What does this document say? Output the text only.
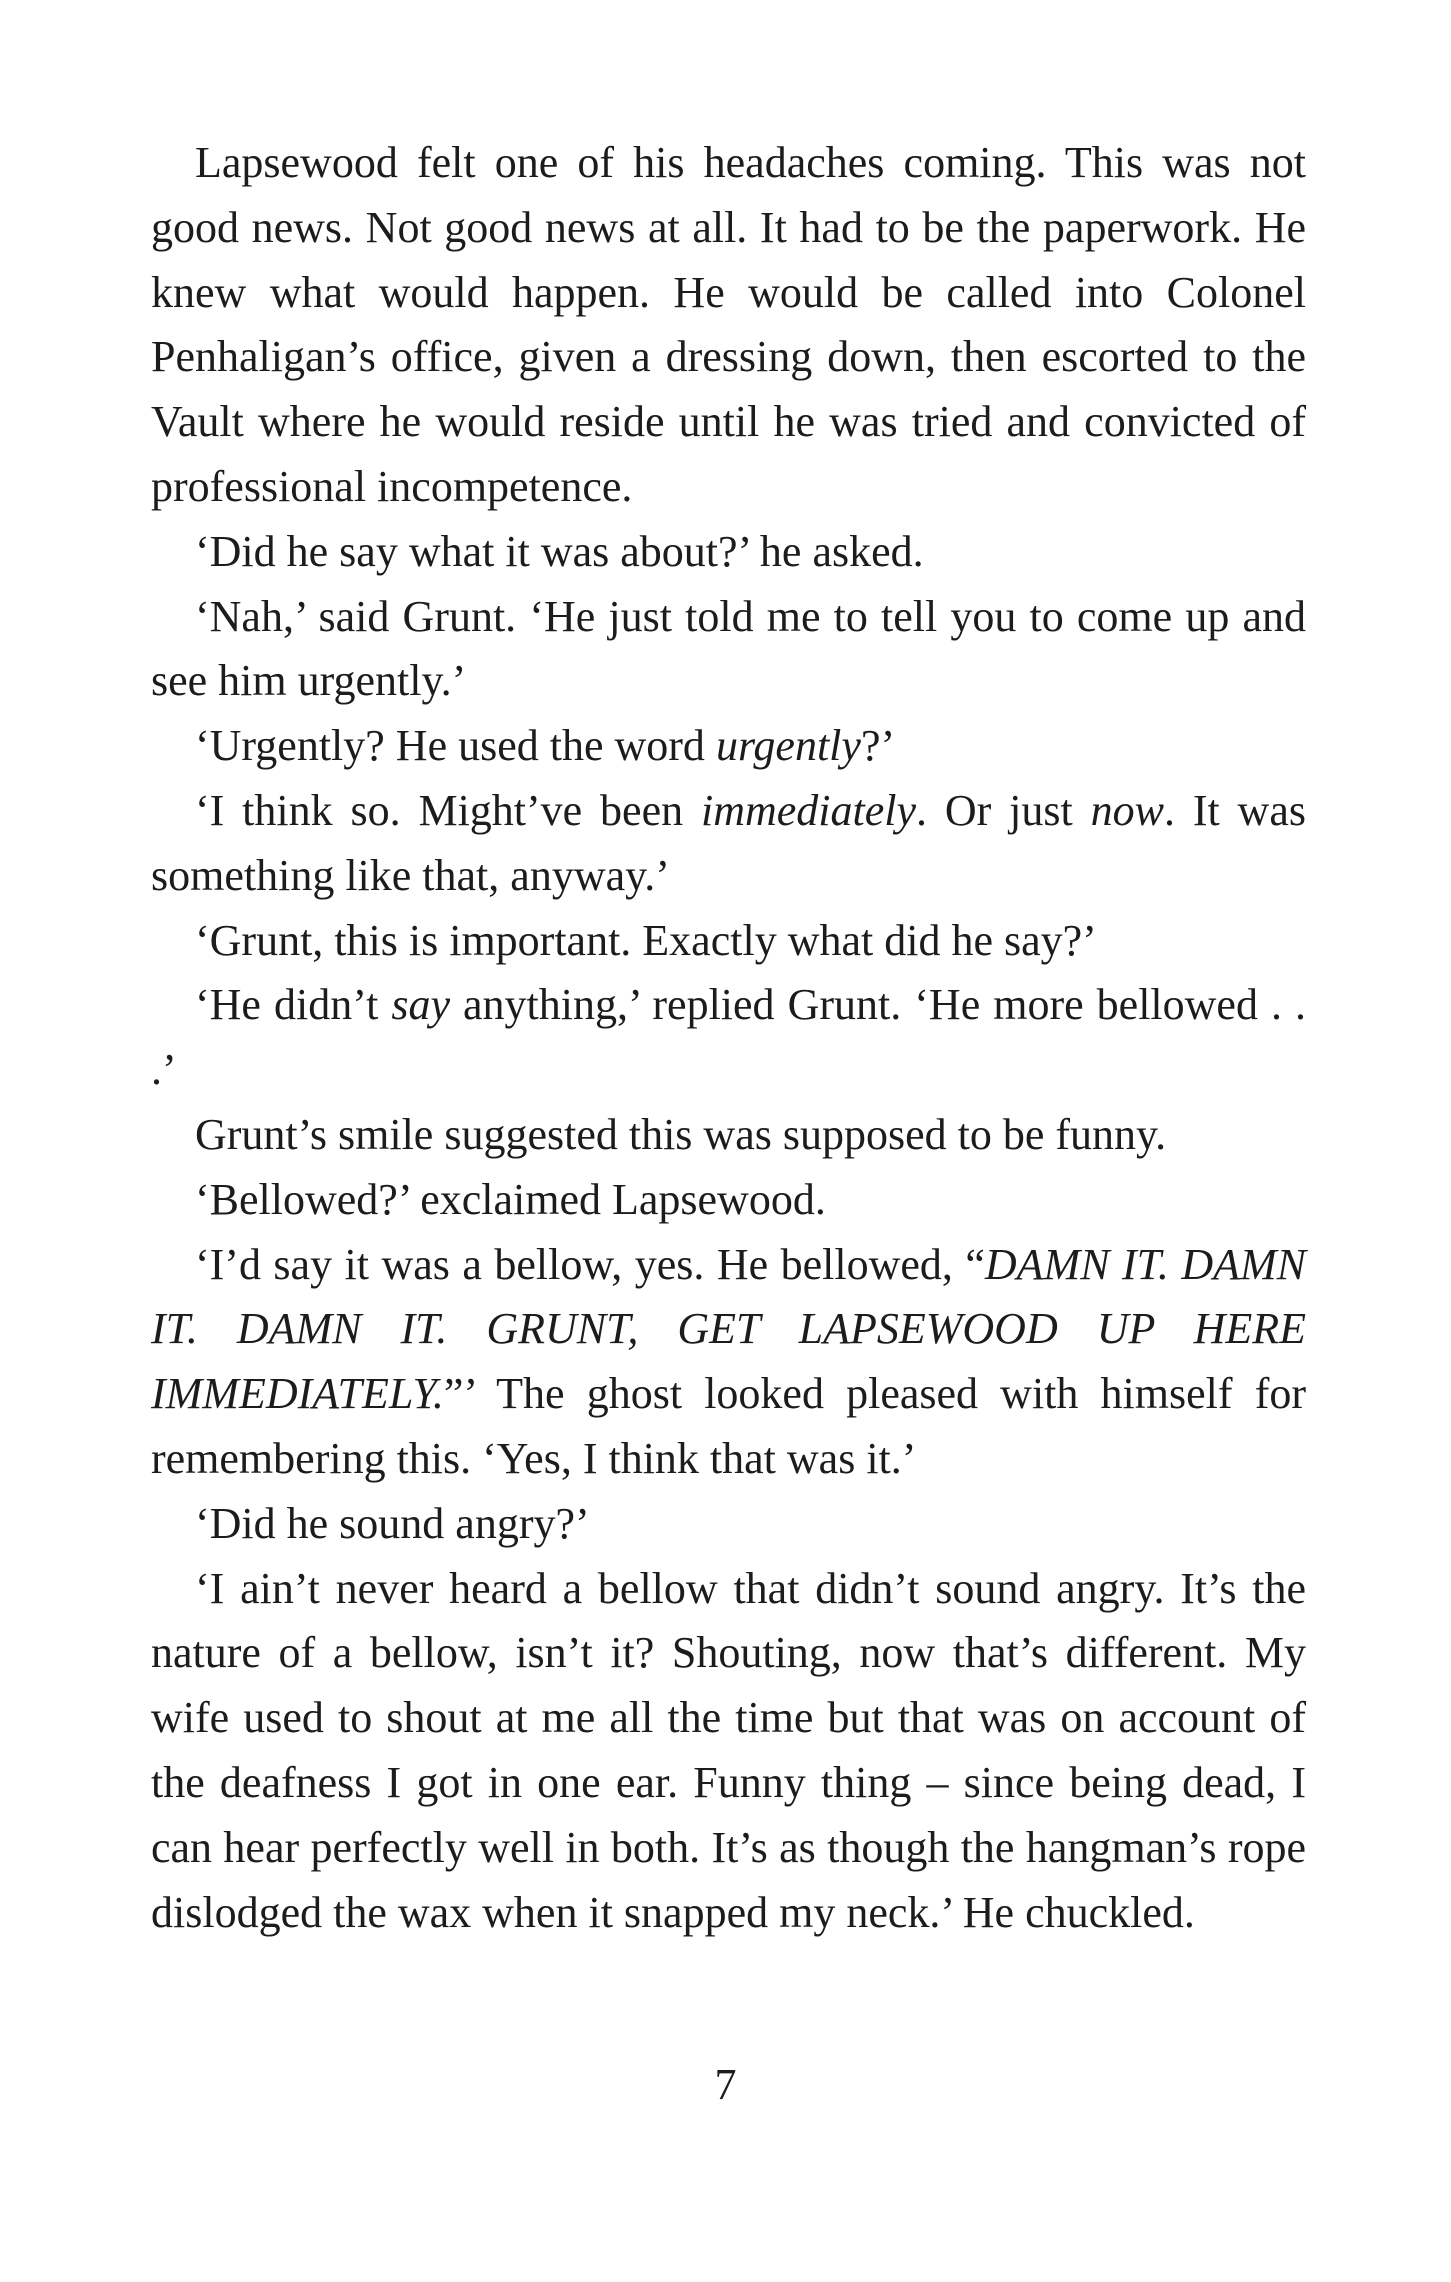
Lapsewood felt one of his headaches coming. This was not good news. Not good news at all. It had to be the paperwork. He knew what would happen. He would be called into Colonel Penhaligan’s office, given a dressing down, then escorted to the Vault where he would reside until he was tried and convicted of professional incompetence.

‘Did he say what it was about?’ he asked.

‘Nah,’ said Grunt. ‘He just told me to tell you to come up and see him urgently.’

‘Urgently? He used the word urgently?’

‘I think so. Might’ve been immediately. Or just now. It was something like that, anyway.’

‘Grunt, this is important. Exactly what did he say?’

‘He didn’t say anything,’ replied Grunt. ‘He more bellowed . . .’

Grunt’s smile suggested this was supposed to be funny.

‘Bellowed?’ exclaimed Lapsewood.

‘I’d say it was a bellow, yes. He bellowed, “DAMN IT. DAMN IT. DAMN IT. GRUNT, GET LAPSEWOOD UP HERE IMMEDIATELY.”’ The ghost looked pleased with himself for remembering this. ‘Yes, I think that was it.’

‘Did he sound angry?’

‘I ain’t never heard a bellow that didn’t sound angry. It’s the nature of a bellow, isn’t it? Shouting, now that’s different. My wife used to shout at me all the time but that was on account of the deafness I got in one ear. Funny thing – since being dead, I can hear perfectly well in both. It’s as though the hangman’s rope dislodged the wax when it snapped my neck.’ He chuckled.

7
